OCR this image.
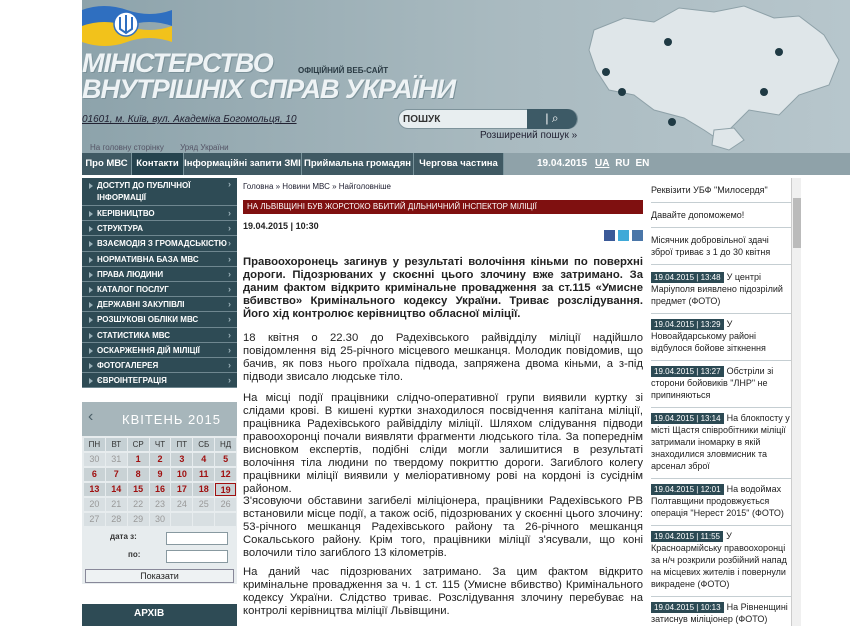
МІНІСТЕРСТВО
ВНУТРІШНІХ СПРАВ УКРАЇНИ
ОФІЦІЙНИЙ ВЕБ-САЙТ
01601, м. Київ, вул. Академіка Богомольця, 10
ПОШУК	| ⌕
Розширений пошук »
На головну сторінку Уряд України
Про МВС Контакти Інформаційні запити ЗМІ Приймальна громадян Чергова частина	19.04.2015 UA RU EN
ДОСТУП ДО ПУБЛІЧНОЇ ІНФОРМАЦІЇ
›
КЕРІВНИЦТВО	›
СТРУКТУРА	›
ВЗАЄМОДІЯ З ГРОМАДСЬКІСТЮ ›
НОРМАТИВНА БАЗА МВС	›
ПРАВА ЛЮДИНИ	›
КАТАЛОГ ПОСЛУГ	›
ДЕРЖАВНІ ЗАКУПІВЛІ	›
РОЗШУКОВІ ОБЛІКИ МВС	›
СТАТИСТИКА МВС	›
ОСКАРЖЕННЯ ДІЙ МІЛІЦІЇ	›
ФОТОГАЛЕРЕЯ	›
ЄВРОІНТЕГРАЦІЯ	›
‹ КВІТЕНЬ 2015
ПН	ВТ	СР	ЧТ	ПТ	СБ	НД
30	31	1	2	3	4	5
6	7	8	9	10	11	12
13	14	15	16	17	18	19
20	21	22	23	24	25	26
27	28	29	30
дата з:
по:
Показати
АРХІВ
Головна » Новини МВС » Найголовніше
НА ЛЬВІВЩИНІ БУВ ЖОРСТОКО ВБИТИЙ ДІЛЬНИЧНИЙ ІНСПЕКТОР МІЛІЦІЇ
19.04.2015 | 10:30
Правоохоронець загинув у результаті волочіння кіньми по поверхні дороги. Підозрюваних у скоєнні цього злочину вже затримано. За даним фактом відкрито кримінальне провадження за ст.115 «Умисне вбивство» Кримінального кодексу України. Триває розслідування. Його хід контролює керівництво обласної міліції.
18 квітня о 22.30 до Радехівського райвідділу міліції надійшло повідомлення від 25-річного місцевого мешканця. Молодик повідомив, що бачив, як повз нього проїхала підвода, запряжена двома кіньми, а з-під підводи звисало людське тіло.
На місці події працівники слідчо-оперативної групи виявили куртку зі слідами крові. В кишені куртки знаходилося посвідчення капітана міліції, працівника Радехівського райвідділу міліції. Шляхом слідування підводи правоохоронці почали виявляти фрагменти людського тіла. За попереднім висновком експертів, подібні сліди могли залишитися в результаті волочіння тіла людини по твердому покриттю дороги. Загиблого колегу працівники міліції виявили у меліоративному рові на кордоні із сусіднім районом.
З'ясовуючи обставини загибелі міліціонера, працівники Радехівського РВ встановили місце події, а також осіб, підозрюваних у скоєнні цього злочину: 53-річного мешканця Радехівського району та 26-річного мешканця Сокальського району. Крім того, працівники міліції з'ясували, що коні волочили тіло загиблого 13 кілометрів.
На даний час підозрюваних затримано. За цим фактом відкрито кримінальне провадження за ч. 1 ст. 115 (Умисне вбивство) Кримінального кодексу України. Слідство триває. Розслідування злочину перебуває на контролі керівництва міліції Львівщини.
Реквізити УБФ "Милосердя"
Давайте допоможемо!
Місячник добровільної здачі зброї триває з 1 до 30 квітня
19.04.2015 | 13:48 У центрі Маріуполя виявлено підозрілий предмет (ФОТО)
19.04.2015 | 13:29 У Новоайдарському районі відбулося бойове зіткнення
19.04.2015 | 13:27 Обстріли зі сторони бойовиків "ЛНР" не припиняються
19.04.2015 | 13:14 На блокпосту у місті Щастя співробітники міліції затримали іномарку в якій знаходилися зловмисник та арсенал зброї
19.04.2015 | 12:01 На водоймах Полтавщини продовжується операція "Нерест 2015" (ФОТО)
19.04.2015 | 11:55 У Красноармійську правоохоронці за н/ч розкрили розбійний напад на місцевих жителів і повернули викрадене (ФОТО)
19.04.2015 | 10:13 На Рівненщині затиснув міліціонер (ФОТО)
